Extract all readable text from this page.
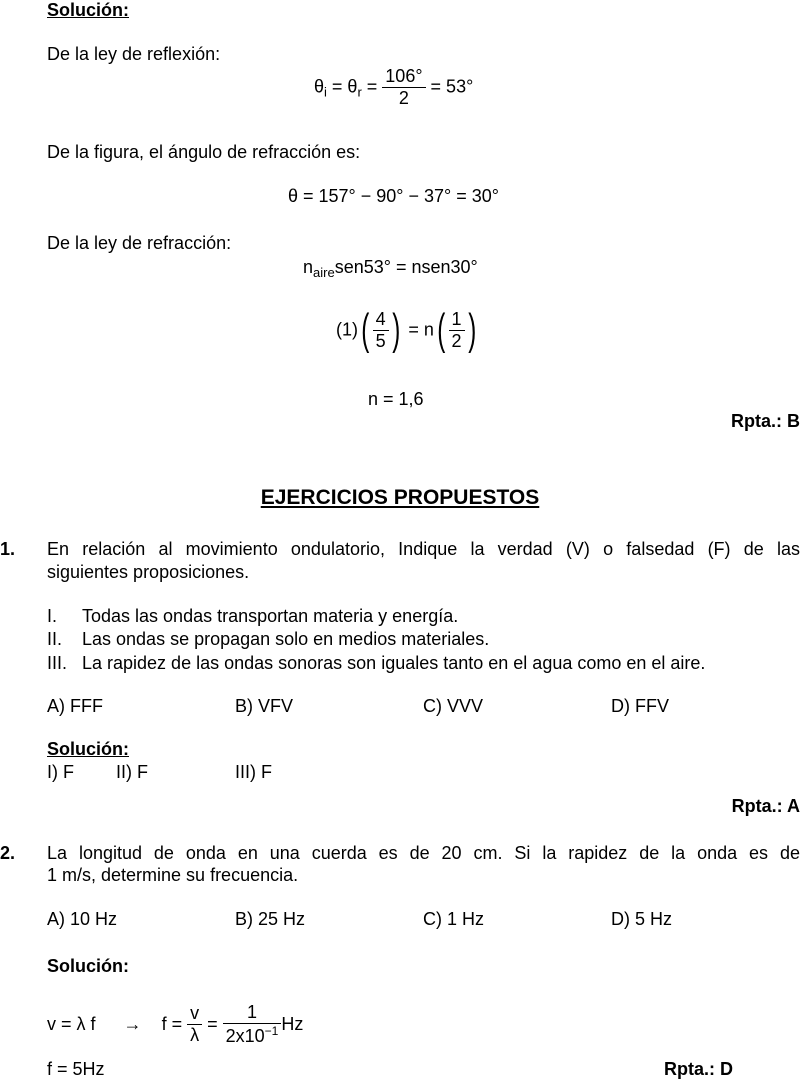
Solución:
De la ley de reflexión:
$\theta_i = \theta_r = \frac{106^\circ}{2} = 53^\circ$
De la figura, el ángulo de refracción es:
θ = 157° − 90° − 37° = 30°
De la ley de refracción:
$n_{aire}sen53^\circ$ = nsen30°
$(1)( \frac{4}{5}$ ) = $n( \frac{1}{2}$ )
n = 1,6
Rpta.: B
EJERCICIOS PROPUESTOS
1. En relación al movimiento ondulatorio, Indique la verdad (V) o falsedad (F) de las
siguientes proposiciones.
I. Todas las ondas transportan materia y energía.
II. Las ondas se propagan solo en medios materiales.
III. La rapidez de las ondas sonoras son iguales tanto en el agua como en el aire.
A) FFF	B) VFV	C) VVV	D) FFV
Solución:
I) F II) F	III) F
Rpta.: A
2. La longitud de onda en una cuerda es de 20 cm. Si la rapidez de la onda es de
1 m/s, determine su frecuencia.
A) 10 Hz	B) 25 Hz	C) 1 Hz	D) 5 Hz
Solución:
v = λ $f \to f = \frac{v}{\lambda} = \frac{1}{2x10^{-1}}$ Hz
f = 5Hz	Rpta.: D
